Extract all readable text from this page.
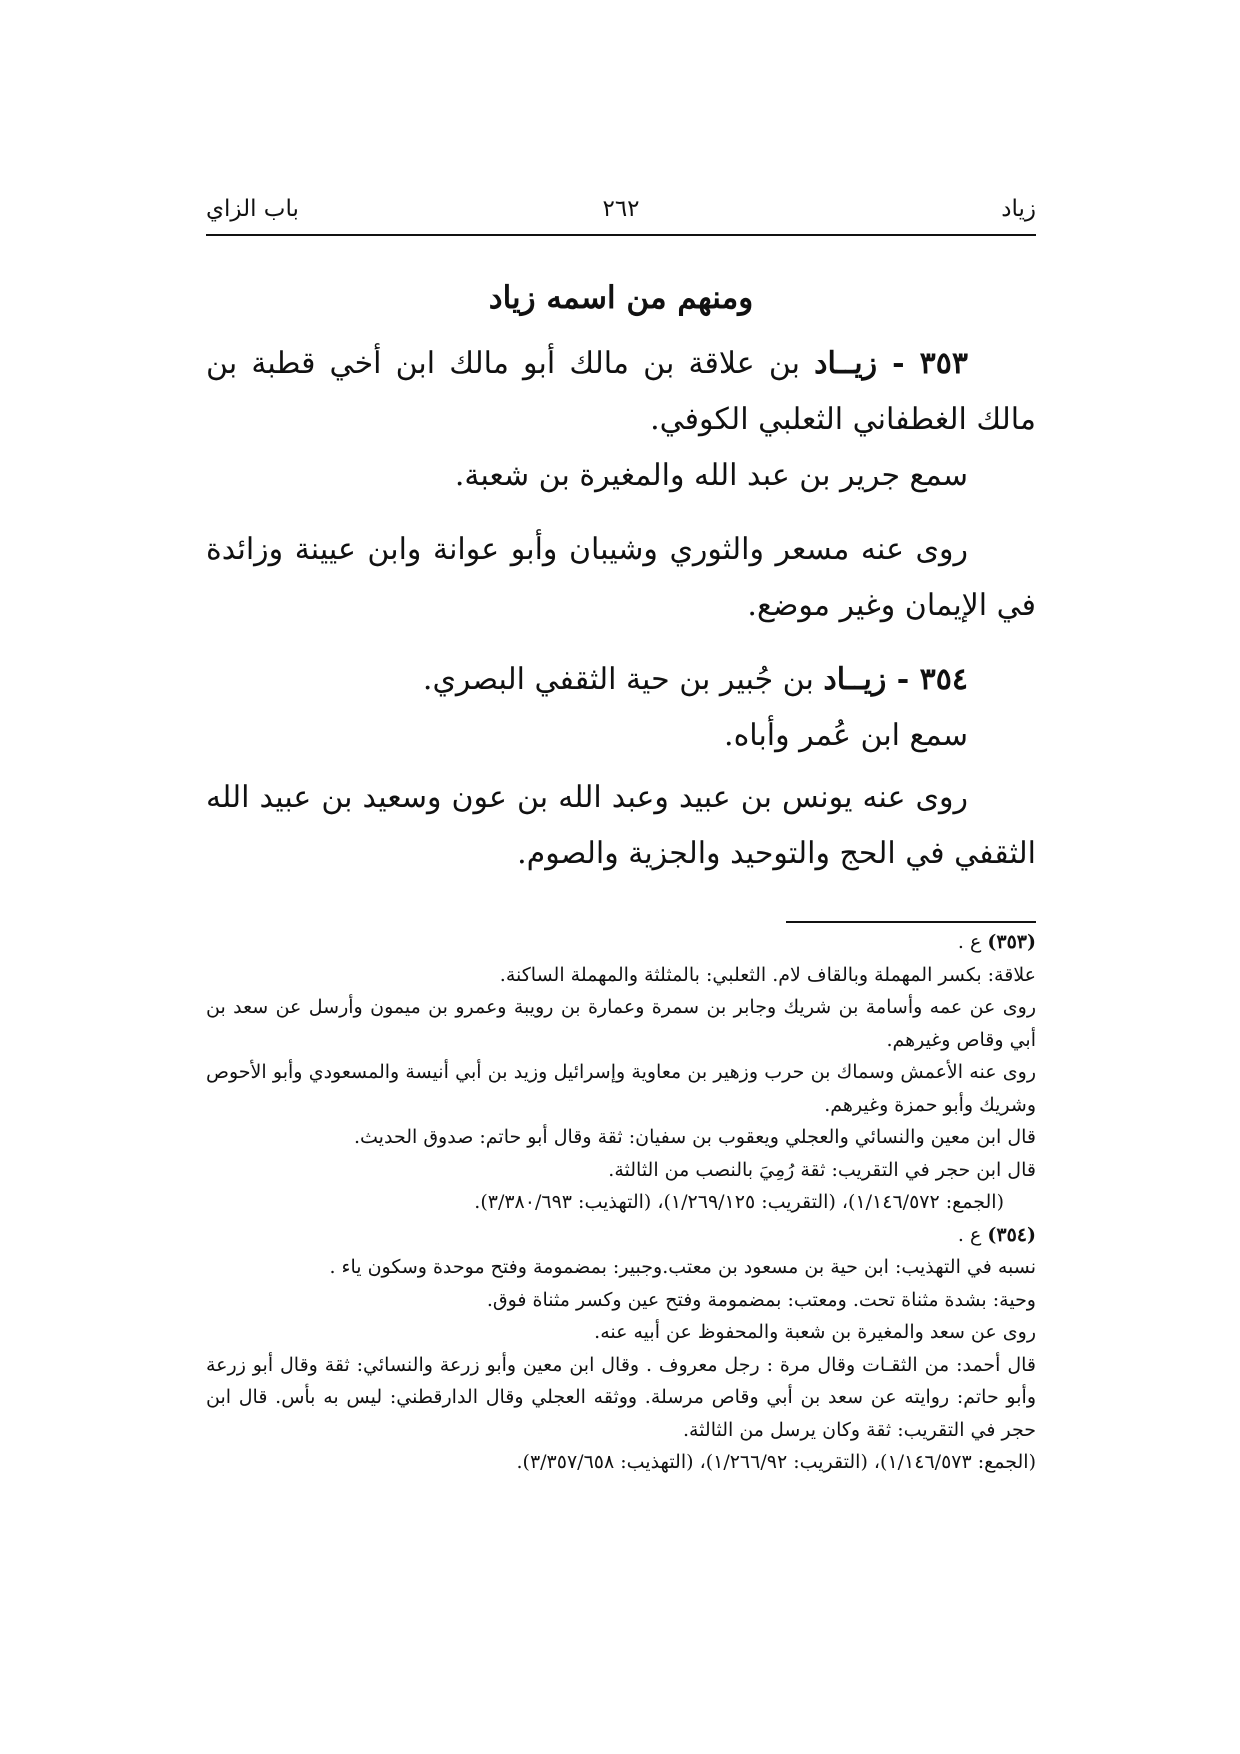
زياد
٢٦٢
باب الزاي
ومنهم من اسمه زياد

٣٥٣ - زيــاد بن علاقة بن مالك أبو مالك ابن أخي قطبة بن مالك الغطفاني الثعلبي الكوفي.

سمع جرير بن عبد الله والمغيرة بن شعبة.

روى عنه مسعر والثوري وشيبان وأبو عوانة وابن عيينة وزائدة في الإيمان وغير موضع.

٣٥٤ - زيــاد بن جُبير بن حية الثقفي البصري.

سمع ابن عُمر وأباه.

روى عنه يونس بن عبيد وعبد الله بن عون وسعيد بن عبيد الله الثقفي في الحج والتوحيد والجزية والصوم.

(٣٥٣) ع .

علاقة: بكسر المهملة وبالقاف لام. الثعلبي: بالمثلثة والمهملة الساكنة.

روى عن عمه وأسامة بن شريك وجابر بن سمرة وعمارة بن رويبة وعمرو بن ميمون وأرسل عن سعد بن أبي وقاص وغيرهم.

روى عنه الأعمش وسماك بن حرب وزهير بن معاوية وإسرائيل وزيد بن أبي أنيسة والمسعودي وأبو الأحوص وشريك وأبو حمزة وغيرهم.

قال ابن معين والنسائي والعجلي ويعقوب بن سفيان: ثقة وقال أبو حاتم: صدوق الحديث.

قال ابن حجر في التقريب: ثقة رُمِيَ بالنصب من الثالثة.

(الجمع: ١/١٤٦/٥٧٢)، (التقريب: ١/٢٦٩/١٢٥)، (التهذيب: ٣/٣٨٠/٦٩٣).

(٣٥٤) ع .

نسبه في التهذيب: ابن حية بن مسعود بن معتب.وجبير: بمضمومة وفتح موحدة وسكون ياء .

وحية: بشدة مثناة تحت. ومعتب: بمضمومة وفتح عين وكسر مثناة فوق.

روى عن سعد والمغيرة بن شعبة والمحفوظ عن أبيه عنه.

قال أحمد: من الثقـات وقال مرة : رجل معروف . وقال ابن معين وأبو زرعة والنسائي: ثقة وقال أبو زرعة وأبو حاتم: روايته عن سعد بن أبي وقاص مرسلة. ووثقه العجلي وقال الدارقطني: ليس به بأس. قال ابن حجر في التقريب: ثقة وكان يرسل من الثالثة.

(الجمع: ١/١٤٦/٥٧٣)، (التقريب: ١/٢٦٦/٩٢)، (التهذيب: ٣/٣٥٧/٦٥٨).
